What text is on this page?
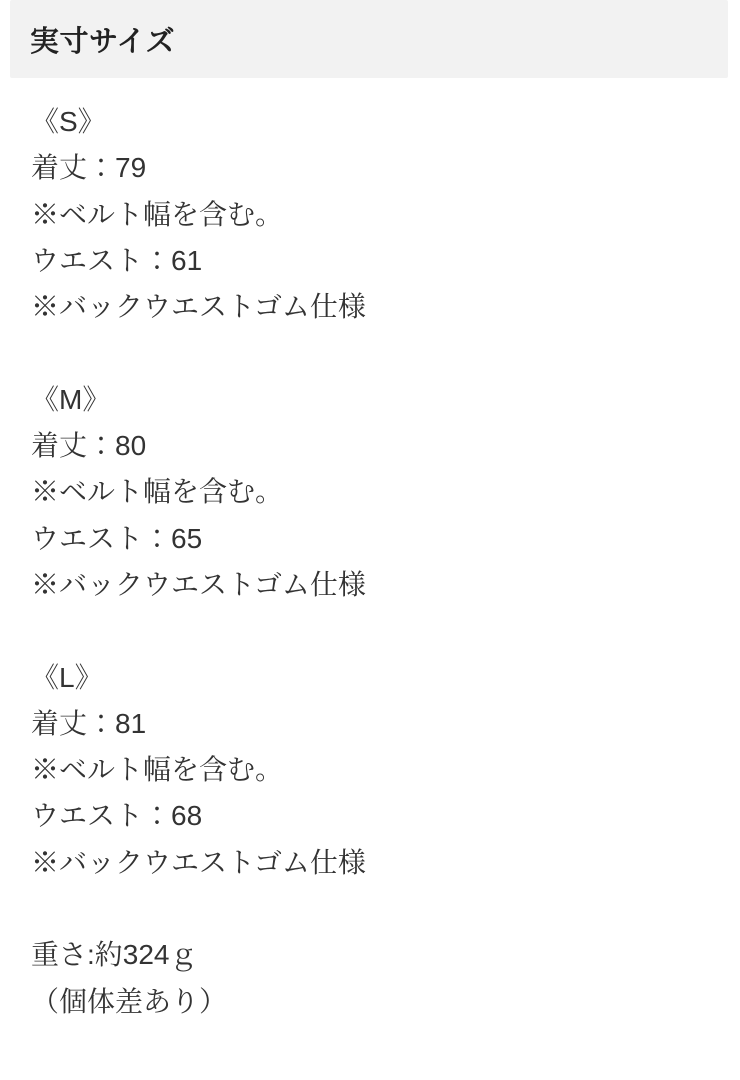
実寸サイズ

《S》

着丈：79

※ベルト幅を含む。

ウエスト：61

※バックウエストゴム仕様

《M》

着丈：80

※ベルト幅を含む。

ウエスト：65

※バックウエストゴム仕様

《L》

着丈：81

※ベルト幅を含む。

ウエスト：68

※バックウエストゴム仕様

重さ:約324ｇ

（個体差あり）
